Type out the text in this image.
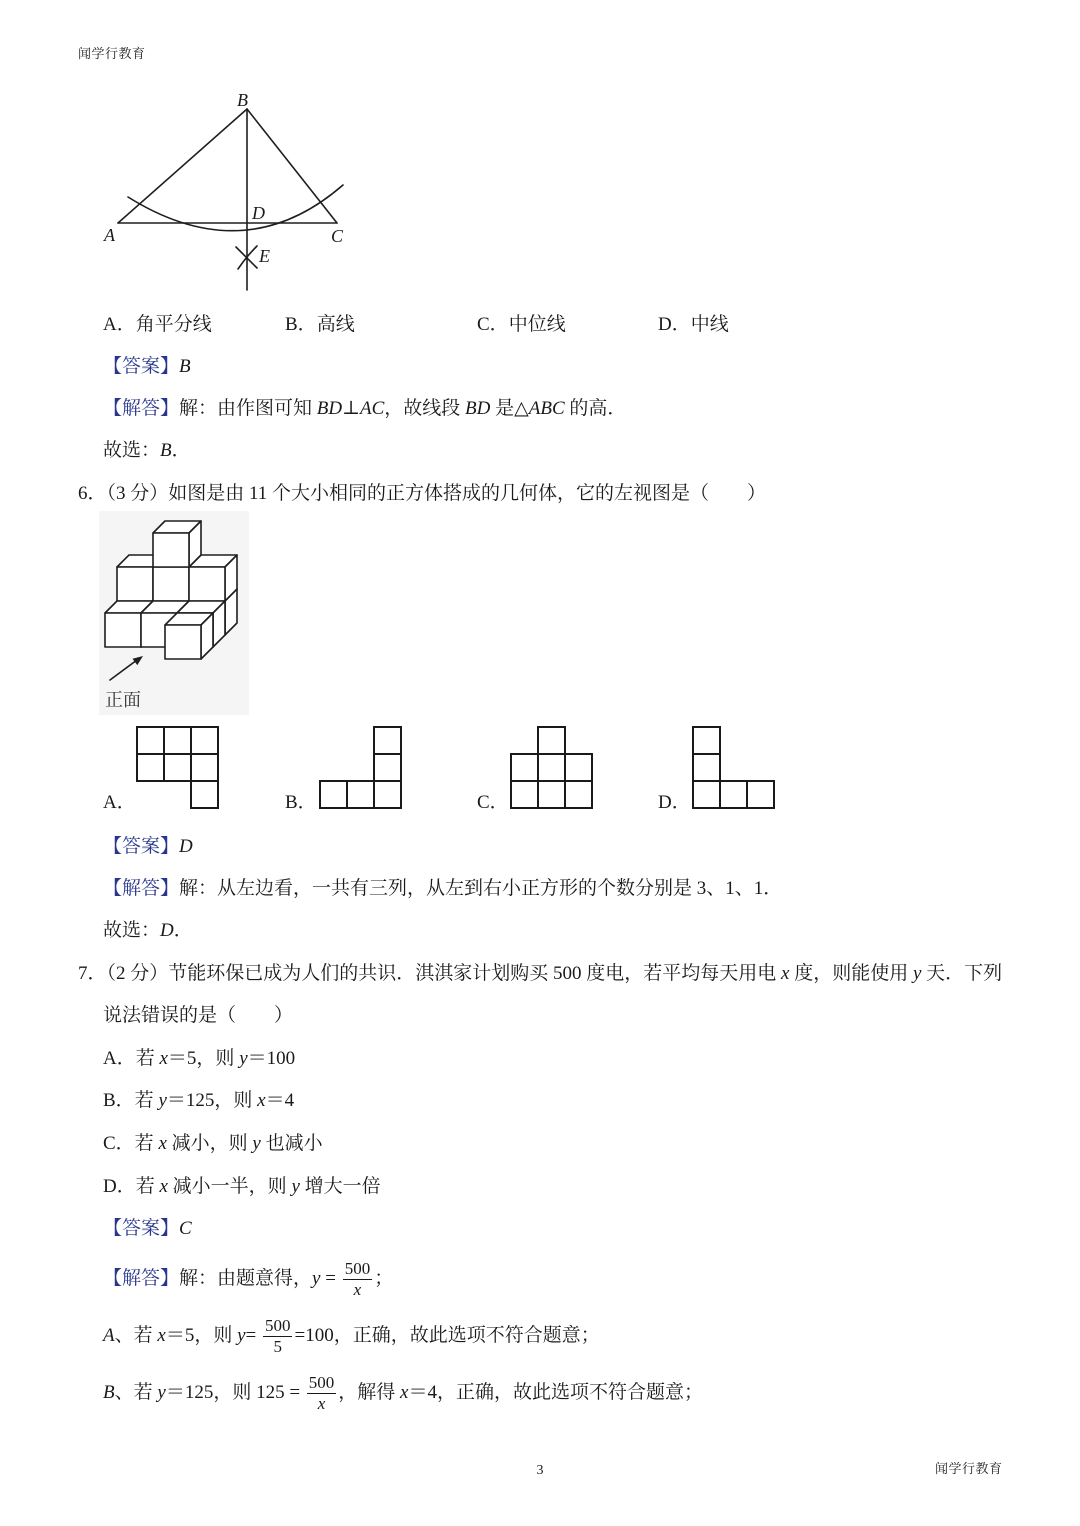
闻学行教育
B
D
A	C
E
A．角平分线	B．高线	C．中位线	D．中线
【答案】B
【解答】解：由作图可知 BD⊥AC，故线段 BD 是△ABC 的高．
故选：B．
6．（3 分）如图是由 11 个大小相同的正方体搭成的几何体，它的左视图是（　　）
正面
A．	B．	C．	D．
【答案】D
【解答】解：从左边看，一共有三列，从左到右小正方形的个数分别是 3、1、1．
故选：D．
7．（2 分）节能环保已成为人们的共识．淇淇家计划购买 500 度电，若平均每天用电 x 度，则能使用 y 天．下列
说法错误的是（　　）
A．若 x＝5，则 y＝100
B．若 y＝125，则 x＝4
C．若 x 减小，则 y 也减小
D．若 x 减小一半，则 y 增大一倍
【答案】C
【解答】解：由题意得，$y = \frac{500}{x}$ ；
A、若 x＝5，则 $y= \frac{500}{5} =100$，正确，故此选项不符合题意；
B、若 y＝125，则 $125 = \frac{500}{x}$ ，解得 x＝4，正确，故此选项不符合题意；
3	闻学行教育
